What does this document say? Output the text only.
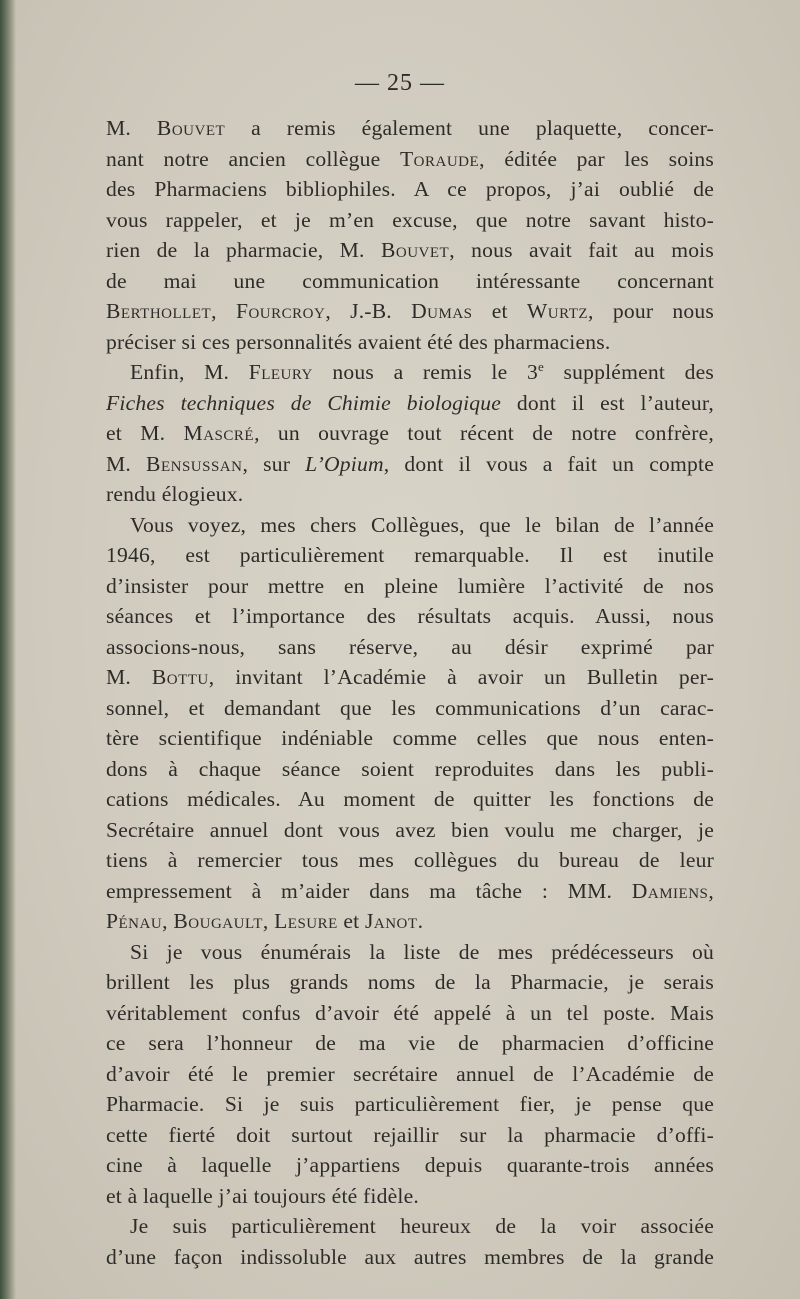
— 25 —

M. Bouvet a remis également une plaquette, concer-

nant notre ancien collègue Toraude, éditée par les soins

des Pharmaciens bibliophiles. A ce propos, j’ai oublié de

vous rappeler, et je m’en excuse, que notre savant histo-

rien de la pharmacie, M. Bouvet, nous avait fait au mois

de mai une communication intéressante concernant

Berthollet, Fourcroy, J.-B. Dumas et Wurtz, pour nous

préciser si ces personnalités avaient été des pharmaciens.

Enfin, M. Fleury nous a remis le 3e supplément des

Fiches techniques de Chimie biologique dont il est l’auteur,

et M. Mascré, un ouvrage tout récent de notre confrère,

M. Bensussan, sur L’Opium, dont il vous a fait un compte

rendu élogieux.

Vous voyez, mes chers Collègues, que le bilan de l’année

1946, est particulièrement remarquable. Il est inutile

d’insister pour mettre en pleine lumière l’activité de nos

séances et l’importance des résultats acquis. Aussi, nous

associons-nous, sans réserve, au désir exprimé par

M. Bottu, invitant l’Académie à avoir un Bulletin per-

sonnel, et demandant que les communications d’un carac-

tère scientifique indéniable comme celles que nous enten-

dons à chaque séance soient reproduites dans les publi-

cations médicales. Au moment de quitter les fonctions de

Secrétaire annuel dont vous avez bien voulu me charger, je

tiens à remercier tous mes collègues du bureau de leur

empressement à m’aider dans ma tâche : MM. Damiens,

Pénau, Bougault, Lesure et Janot.

Si je vous énumérais la liste de mes prédécesseurs où

brillent les plus grands noms de la Pharmacie, je serais

véritablement confus d’avoir été appelé à un tel poste. Mais

ce sera l’honneur de ma vie de pharmacien d’officine

d’avoir été le premier secrétaire annuel de l’Académie de

Pharmacie. Si je suis particulièrement fier, je pense que

cette fierté doit surtout rejaillir sur la pharmacie d’offi-

cine à laquelle j’appartiens depuis quarante-trois années

et à laquelle j’ai toujours été fidèle.

Je suis particulièrement heureux de la voir associée

d’une façon indissoluble aux autres membres de la grande
